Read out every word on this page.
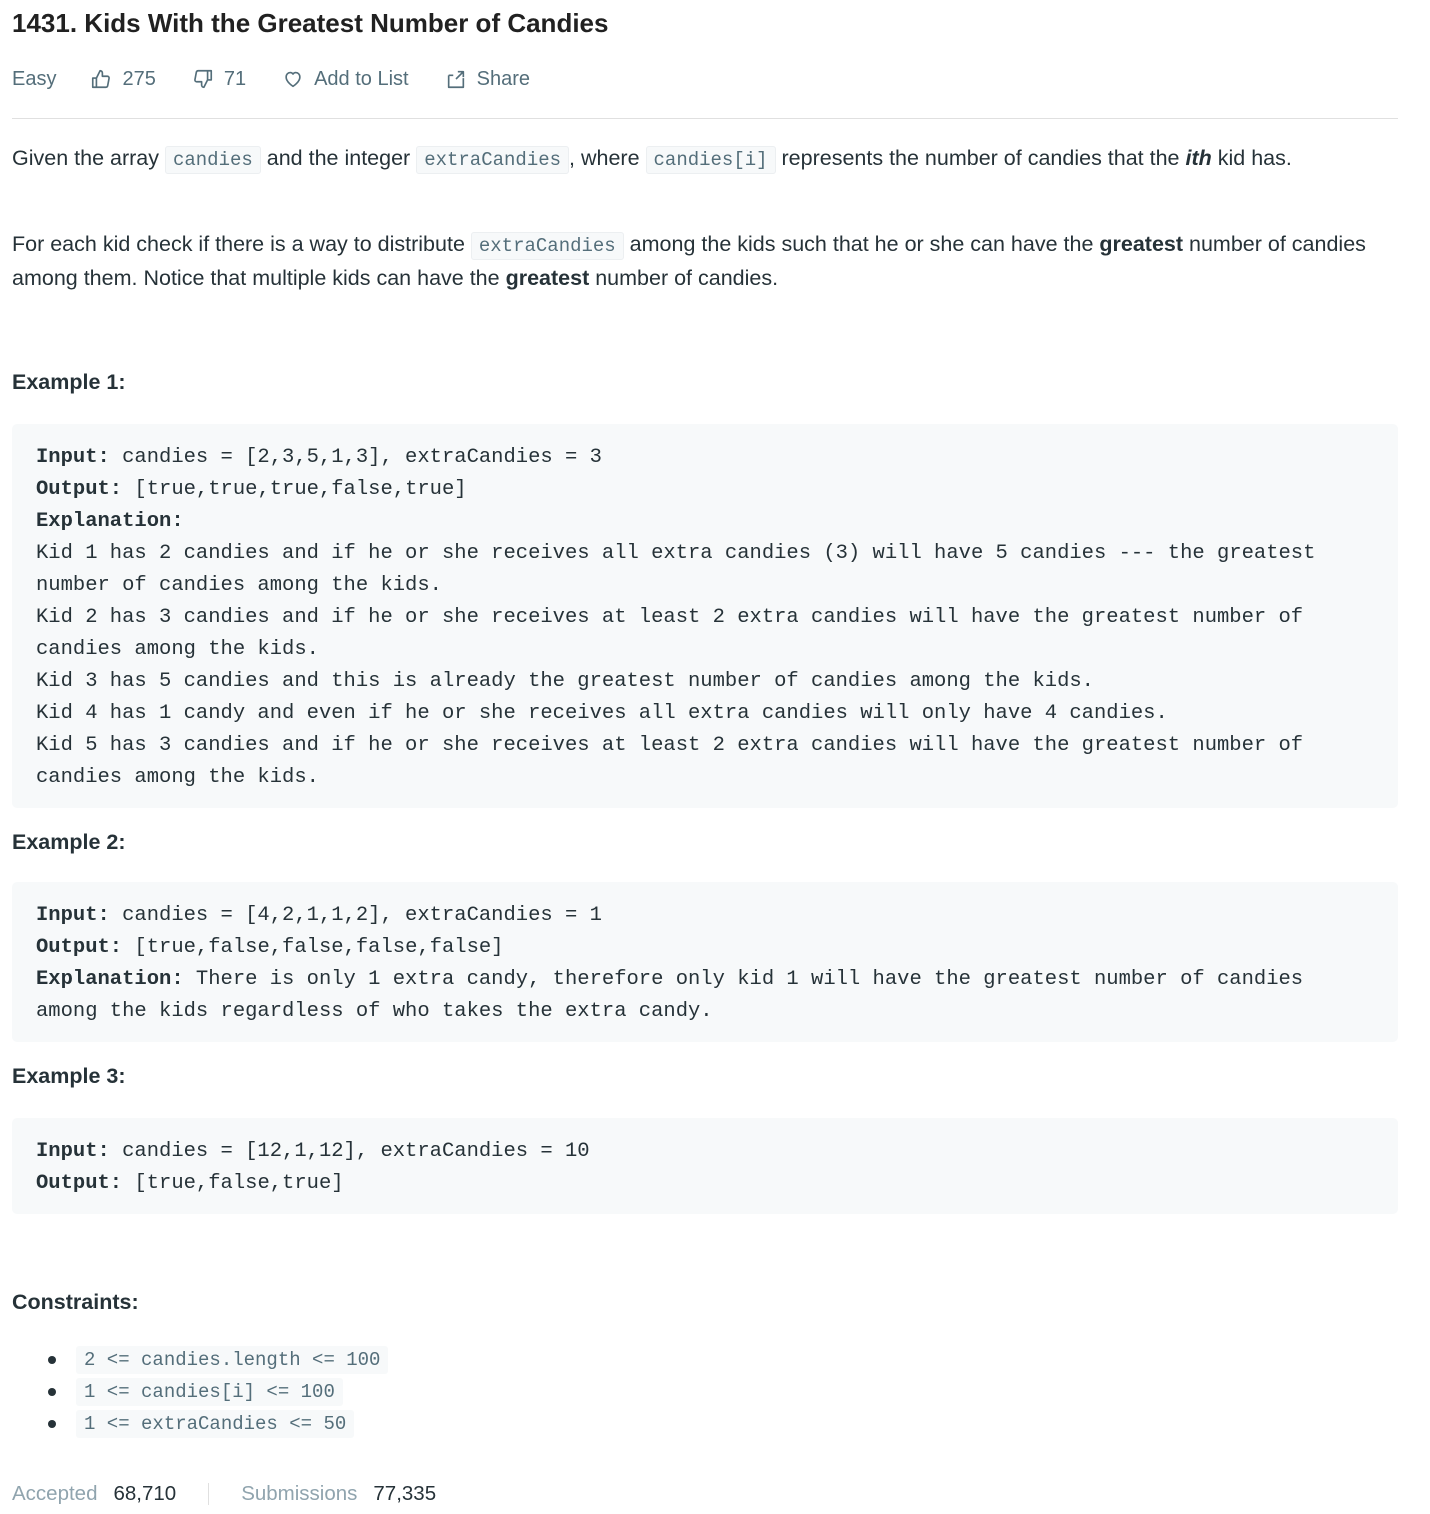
1431. Kids With the Greatest Number of Candies
Easy	275	71	Add to List	Share

Given the array candies and the integer extraCandies , where candies[i] represents the number of candies that the ith kid has.

For each kid check if there is a way to distribute extraCandies among the kids such that he or she can have the greatest number of candies among them. Notice that multiple kids can have the greatest number of candies.

Example 1:
Input: candies = [2,3,5,1,3], extraCandies = 3
Output: [true,true,true,false,true]
Explanation:
Kid 1 has 2 candies and if he or she receives all extra candies (3) will have 5 candies --- the greatest number of candies among the kids.
Kid 2 has 3 candies and if he or she receives at least 2 extra candies will have the greatest number of candies among the kids.
Kid 3 has 5 candies and this is already the greatest number of candies among the kids.
Kid 4 has 1 candy and even if he or she receives all extra candies will only have 4 candies.
Kid 5 has 3 candies and if he or she receives at least 2 extra candies will have the greatest number of candies among the kids.
Example 2:
Input: candies = [4,2,1,1,2], extraCandies = 1
Output: [true,false,false,false,false]
Explanation: There is only 1 extra candy, therefore only kid 1 will have the greatest number of candies among the kids regardless of who takes the extra candy.
Example 3:
Input: candies = [12,1,12], extraCandies = 10
Output: [true,false,true]
Constraints:
2 <= candies.length <= 100
1 <= candies[i] <= 100
1 <= extraCandies <= 50
Accepted 68,710	Submissions 77,335
